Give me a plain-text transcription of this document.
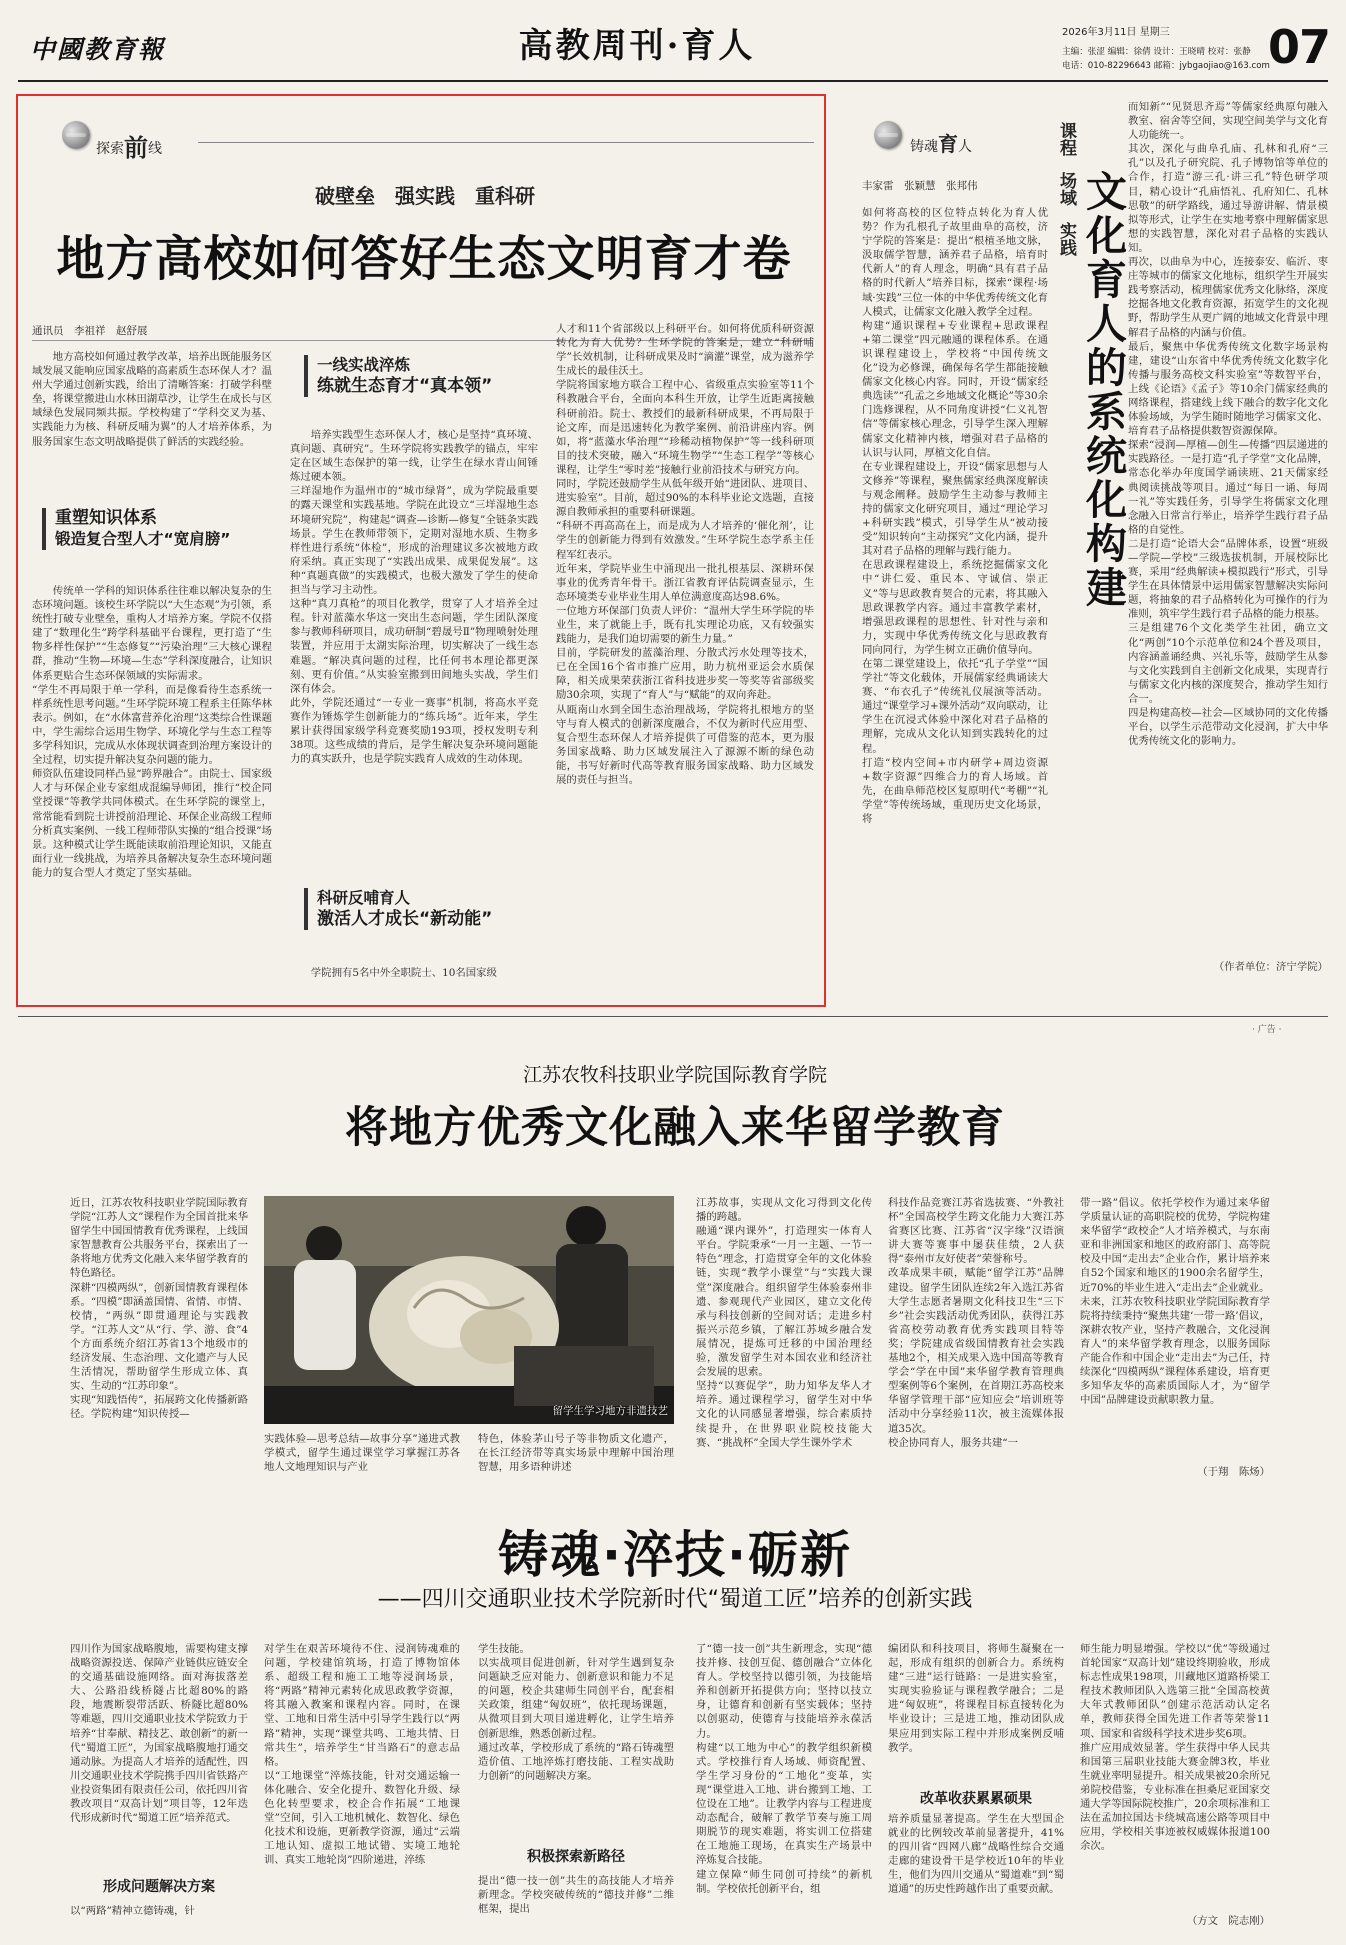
中國教育報	高教周刊·育人	2026年3月11日 星期三
主编：张涩 编辑：徐倩 设计：王晓晴 校对：张静
电话：010-82296643 邮箱：jybgaojiao@163.com
07
探索前线
破壁垒　强实践　重科研
地方高校如何答好生态文明育才卷
通讯员　李祖祥　赵舒展

地方高校如何通过教学改革，培养出既能服务区域发展又能响应国家战略的高素质生态环保人才？温州大学通过创新实践，给出了清晰答案：打破学科壁垒，将课堂搬进山水林田湖草沙，让学生在成长与区域绿色发展同频共振。学校构建了“学科交叉为基、实践能力为核、科研反哺为翼”的人才培养体系，为服务国家生态文明战略提供了鲜活的实践经验。

重塑知识体系
锻造复合型人才“宽肩膀”

传统单一学科的知识体系往往难以解决复杂的生态环境问题。该校生环学院以“大生态观”为引领，系统性打破专业壁垒，重构人才培养方案。学院不仅搭建了“数理化生”跨学科基础平台课程，更打造了“生物多样性保护”“生态修复”“污染治理”三大核心课程群，推动“生物—环境—生态”学科深度融合，让知识体系更贴合生态环保领域的实际需求。
“学生不再局限于单一学科，而是像看待生态系统一样系统性思考问题。”生环学院环境工程系主任陈华林表示。例如，在“水体富营养化治理”这类综合性课题中，学生需综合运用生物学、环境化学与生态工程等多学科知识，完成从水体现状调查到治理方案设计的全过程，切实提升解决复杂问题的能力。
师资队伍建设同样凸显“跨界融合”。由院士、国家级人才与环保企业专家组成混编导师团，推行“校企同堂授课”等教学共同体模式。在生环学院的课堂上，常常能看到院士讲授前沿理论、环保企业高级工程师分析真实案例、一线工程师带队实操的“组合授课”场景。这种模式让学生既能读取前沿理论知识，又能直面行业一线挑战，为培养具备解决复杂生态环境问题能力的复合型人才奠定了坚实基础。

一线实战淬炼
练就生态育才“真本领”

培养实践型生态环保人才，核心是坚持“真环境、真问题、真研究”。生环学院将实践教学的锚点，牢牢定在区域生态保护的第一线，让学生在绿水青山间锤炼过硬本领。
三垟湿地作为温州市的“城市绿肾”，成为学院最重要的露天课堂和实践基地。学院在此设立“三垟湿地生态环境研究院”，构建起“调查—诊断—修复”全链条实践场景。学生在教师带领下，定期对湿地水质、生物多样性进行系统“体检”，形成的治理建议多次被地方政府采纳。真正实现了“实践出成果、成果促发展”。这种“真题真做”的实践模式，也极大激发了学生的使命担当与学习主动性。
这种“真刀真枪”的项目化教学，贯穿了人才培养全过程。针对蓝藻水华这一突出生态问题，学生团队深度参与教师科研项目，成功研制“碧晟号Ⅱ”物理喷射处理装置，并应用于太湖实际治理，切实解决了一线生态难题。“解决真问题的过程，比任何书本理论都更深刻、更有价值。”从实验室搬到田间地头实战，学生们深有体会。
此外，学院还通过“一专业一赛事”机制，将高水平竞赛作为锤炼学生创新能力的“练兵场”。近年来，学生累计获得国家级学科竞赛奖励193项，授权发明专利38项。这些成绩的背后，是学生解决复杂环境问题能力的真实跃升，也是学院实践育人成效的生动体现。

科研反哺育人
激活人才成长“新动能”

学院拥有5名中外全职院士、10名国家级

人才和11个省部级以上科研平台。如何将优质科研资源转化为育人优势？生环学院的答案是，建立“科研哺学”长效机制，让科研成果及时“滴灌”课堂，成为滋养学生成长的最佳沃土。
学院将国家地方联合工程中心、省级重点实验室等11个科教融合平台，全面向本科生开放，让学生近距离接触科研前沿。院士、教授们的最新科研成果，不再局限于论文库，而是迅速转化为教学案例、前沿讲座内容。例如，将“蓝藻水华治理”“珍稀动植物保护”等一线科研项目的技术突破，融入“环境生物学”“生态工程学”等核心课程，让学生“零时差”接触行业前沿技术与研究方向。
同时，学院还鼓励学生从低年级开始“进团队、进项目、进实验室”。目前，超过90%的本科毕业论文选题，直接源自教师承担的重要科研课题。
“科研不再高高在上，而是成为人才培养的‘催化剂’，让学生的创新能力得到有效激发。”生环学院生态学系主任程军红表示。
近年来，学院毕业生中涌现出一批扎根基层、深耕环保事业的优秀青年骨干。浙江省教育评估院调查显示，生态环境类专业毕业生用人单位满意度高达98.6%。
一位地方环保部门负责人评价：“温州大学生环学院的毕业生，来了就能上手，既有扎实理论功底，又有较强实践能力，是我们迫切需要的新生力量。”
目前，学院研发的蓝藻治理、分散式污水处理等技术，已在全国16个省市推广应用，助力杭州亚运会水质保障，相关成果荣获浙江省科技进步奖一等奖等省部级奖励30余项，实现了“育人”与“赋能”的双向奔赴。
从瓯南山水到全国生态治理战场，学院将扎根地方的坚守与育人模式的创新深度融合，不仅为新时代应用型、复合型生态环保人才培养提供了可借鉴的范本，更为服务国家战略、助力区域发展注入了源源不断的绿色动能，书写好新时代高等教育服务国家战略、助力区域发展的责任与担当。
铸魂育人
丰家雷　张颖慧　张邦伟
课程
场域
实践 文化育人的系统化构建
如何将高校的区位特点转化为育人优势？作为孔根孔子故里曲阜的高校，济宁学院的答案是：提出“根植圣地文脉，汲取儒学智慧，涵养君子品格，培育时代新人”的育人理念，明确“具有君子品格的时代新人”培养目标，探索“课程·场域·实践”三位一体的中华优秀传统文化育人模式，让儒家文化融入教学全过程。
构建“通识课程+专业课程+思政课程+第二课堂”四元融通的课程体系。在通识课程建设上，学校将“中国传统文化”设为必修课，确保每名学生都能接触儒家文化核心内容。同时，开设“儒家经典选读”“孔孟之乡地域文化概论”等30余门选修课程，从不同角度讲授“仁义礼智信”等儒家核心理念，引导学生深入理解儒家文化精神内核，增强对君子品格的认识与认同，厚植文化自信。
在专业课程建设上，开设“儒家思想与人文修养”等课程，聚焦儒家经典深度解读与观念阐释。鼓励学生主动参与教师主持的儒家文化研究项目，通过“理论学习+科研实践”模式，引导学生从“被动接受”知识转向“主动探究”文化内涵，提升其对君子品格的理解与践行能力。
在思政课程建设上，系统挖掘儒家文化中“讲仁爱、重民本、守诚信、崇正义”等与思政教育契合的元素，将其融入思政课教学内容。通过丰富教学素材，增强思政课程的思想性、针对性与亲和力，实现中华优秀传统文化与思政教育同向同行，为学生树立正确价值导向。
在第二课堂建设上，依托“孔子学堂”“国学社”等文化载体，开展儒家经典诵读大赛、“布衣孔子”传统礼仪展演等活动。通过“课堂学习+课外活动”双向联动，让学生在沉浸式体验中深化对君子品格的理解，完成从文化认知到实践转化的过程。
打造“校内空间+市内研学+周边资源+数字资源”四维合力的育人场域。首先，在曲阜师范校区复原明代“考棚”“礼学堂”等传统场域，重现历史文化场景，将
而知新”“见贤思齐焉”等儒家经典原句融入教室、宿舍等空间，实现空间美学与文化育人功能统一。
其次，深化与曲阜孔庙、孔林和孔府“三孔”以及孔子研究院、孔子博物馆等单位的合作，打造“游三孔·讲三孔”特色研学项目，精心设计“孔庙悟礼、孔府知仁、孔林思敬”的研学路线，通过导游讲解、情景模拟等形式，让学生在实地考察中理解儒家思想的实践智慧，深化对君子品格的实践认知。
再次，以曲阜为中心，连接泰安、临沂、枣庄等城市的儒家文化地标，组织学生开展实践考察活动，梳理儒家优秀文化脉络，深度挖掘各地文化教育资源，拓宽学生的文化视野，帮助学生从更广阔的地域文化背景中理解君子品格的内涵与价值。
最后，聚焦中华优秀传统文化数字场景构建，建设“山东省中华优秀传统文化数字化传播与服务高校文科实验室”等数智平台，上线《论语》《孟子》等10余门儒家经典的网络课程，搭建线上线下融合的数字化文化体验场域，为学生随时随地学习儒家文化、培育君子品格提供数智资源保障。
探索“浸润—厚植—创生—传播”四层递进的实践路径。一是打造“孔子学堂”文化品牌，常态化举办年度国学诵读班、21天儒家经典阅读挑战等项目。通过“每日一诵、每周一礼”等实践任务，引导学生将儒家文化理念融入日常言行举止，培养学生践行君子品格的自觉性。
二是打造“论语大会”品牌体系，设置“班级—学院—学校”三级选拔机制，开展校际比赛，采用“经典解读+模拟践行”形式，引导学生在具体情景中运用儒家智慧解决实际问题，将抽象的君子品格转化为可操作的行为准则，筑牢学生践行君子品格的能力根基。
三是组建76个文化类学生社团，确立文化“两创”10个示范单位和24个普及项目，内容涵盖诵经典、兴礼乐等，鼓励学生从参与文化实践到自主创新文化成果，实现青行与儒家文化内核的深度契合，推动学生知行合一。
四是构建高校—社会—区域协同的文化传播平台，以学生示范带动文化浸润，扩大中华优秀传统文化的影响力。
（作者单位：济宁学院）
· 广告 ·
江苏农牧科技职业学院国际教育学院
将地方优秀文化融入来华留学教育
近日，江苏农牧科技职业学院国际教育学院“江苏人文”课程作为全国首批来华留学生中国国情教育优秀课程，上线国家智慧教育公共服务平台，探索出了一条将地方优秀文化融入来华留学教育的特色路径。
深耕“四模两纵”，创新国情教育课程体系。“四模”即涵盖国情、省情、市情、校情，“两纵”即贯通理论与实践教学。“江苏人文”从“行、学、游、食”4个方面系统介绍江苏省13个地级市的经济发展、生态治理、文化遗产与人民生活情况，帮助留学生形成立体、真实、生动的“江苏印象”。
实现“知践悟传”，拓展跨文化传播新路径。学院构建“知识传授—	留学生学习地方非遗技艺
实践体验—思考总结—故事分享”递进式教学模式，留学生通过课堂学习掌握江苏各地人文地理知识与产业
特色，体验茅山号子等非物质文化遗产，在长江经济带等真实场景中理解中国治理智慧，用多语种讲述
江苏故事，实现从文化习得到文化传播的跨越。
融通“课内课外”，打造理实一体育人平台。学院秉承“一月一主题、一节一特色”理念，打造贯穿全年的文化体验链，实现“教学小课堂”与“实践大课堂”深度融合。组织留学生体验泰州非遗、参观现代产业园区，建立文化传承与科技创新的空间对话；走进乡村振兴示范乡镇，了解江苏城乡融合发展情况，提炼可迁移的中国治理经验，激发留学生对本国农业和经济社会发展的思索。
坚持“以赛促学”，助力知华友华人才培养。通过课程学习，留学生对中华文化的认同感显著增强，综合素质持续提升，在世界职业院校技能大赛、“挑战杯”全国大学生课外学术
科技作品竞赛江苏省选拔赛、“外教社杯”全国高校学生跨文化能力大赛江苏省赛区比赛、江苏省“汉字缘”汉语演讲大赛等赛事中屡获佳绩，2人获得“泰州市友好使者”荣誉称号。
改革成果丰硕，赋能“留学江苏”品牌建设。留学生团队连续2年入选江苏省大学生志愿者暑期文化科技卫生“三下乡”社会实践活动优秀团队，获得江苏省高校劳动教育优秀实践项目特等奖；学院建成省级国情教育社会实践基地2个，相关成果入选中国高等教育学会“学在中国”来华留学教育管理典型案例等6个案例，在首期江苏高校来华留学管理干部“应知应会”培训班等活动中分享经验11次，被主流媒体报道35次。
校企协同育人，服务共建“一
带一路”倡议。依托学校作为通过来华留学质量认证的高职院校的优势，学院构建来华留学“政校企”人才培养模式，与东南亚和非洲国家和地区的政府部门、高等院校及中国“走出去”企业合作，累计培养来自52个国家和地区的1900余名留学生，近70%的毕业生进入“走出去”企业就业。
未来，江苏农牧科技职业学院国际教育学院将持续秉持“聚焦共建‘一带一路’倡议，深耕农牧产业，坚持产教融合，文化浸润育人”的来华留学教育理念，以服务国际产能合作和中国企业“走出去”为己任，持续深化“四模两纵”课程体系建设，培育更多知华友华的高素质国际人才，为“留学中国”品牌建设贡献职教力量。
（于翔　陈炀）
铸魂·淬技·砺新
——四川交通职业技术学院新时代“蜀道工匠”培养的创新实践
四川作为国家战略腹地，需要构建支撑战略资源投送、保障产业链供应链安全的交通基础设施网络。面对海拔落差大、公路沿线桥隧占比超80%的路段，地震断裂带活跃、桥隧比超80%等难题，四川交通职业技术学院致力于培养“甘奉献、精技艺、敢创新”的新一代“蜀道工匠”，为国家战略腹地打通交通动脉。为提高人才培养的适配性，四川交通职业技术学院携手四川省铁路产业投资集团有限责任公司，依托四川省教改项目“双高计划”项目等，12年迭代形成新时代“蜀道工匠”培养范式。
形成问题解决方案
以“两路”精神立德铸魂，针
对学生在艰苦环境待不住、浸润铸魂难的问题，学校建馆筑场，打造了博物馆体系、超级工程和施工工地等浸润场景，将“两路”精神元素转化成思政教学资源，将其融入教案和课程内容。同时，在课堂、工地和日常生活中引导学生践行以“两路”精神，实现“课堂共鸣、工地共情、日常共生”，培养学生“甘当路石”的意志品格。
以“工地课堂”淬炼技能，针对交通运输一体化融合、安全化提升、数智化升级、绿色化转型要求，校企合作拓展“工地课堂”空间，引入工地机械化、数智化、绿色化技术和设施，更新教学资源，通过“云端工地认知、虚拟工地试错、实境工地轮训、真实工地轮岗”四阶递进，淬练
学生技能。
以实战项目促进创新，针对学生遇到复杂问题缺乏应对能力、创新意识和能力不足的问题，校企共建师生同创平台，配套相关政策，组建“匈奴班”，依托现场课题，从微项目到大项目递进孵化，让学生培养创新思维，熟悉创新过程。
通过改革，学校形成了系统的“路石铸魂塑造价值、工地淬炼打磨技能、工程实战助力创新”的问题解决方案。
积极探索新路径
提出“德一技一创”共生的高技能人才培养新理念。学校突破传统的“德技并修”二维框架，提出
了“德一技一创”共生新理念，实现“德技并修、技创互促、德创融合”立体化育人。学校坚持以德引领，为技能培养和创新开拓提供方向；坚持以技立身，让德育和创新有坚实载体；坚持以创驱动，使德育与技能培养永葆活力。
构建“以工地为中心”的教学组织新模式。学校推行育人场域、师资配置、学生学习身份的“工地化”变革，实现“课堂进入工地、讲台搬到工地、工位设在工地”。让教学内容与工程进度动态配合，破解了教学节奏与施工周期脱节的现实难题，将实训工位搭建在工地施工现场，在真实生产场景中淬炼复合技能。
建立保障“师生同创可持续”的新机制。学校依托创新平台，组
编团队和科技项目，将师生凝聚在一起，形成有组织的创新合力。系统构建“三进”运行链路：一是进实验室，实现实验验证与课程教学融合；二是进“匈奴班”，将课程目标直接转化为毕业设计；三是进工地，推动团队成果应用到实际工程中并形成案例反哺教学。
改革收获累累硕果
培养质量显著提高。学生在大型国企就业的比例较改革前显著提升，41%的四川省“四网八廊”战略性综合交通走廊的建设骨干是学校近10年的毕业生，他们为四川交通从“蜀道难”到“蜀道通”的历史性跨越作出了重要贡献。
师生能力明显增强。学校以“优”等级通过首轮国家“双高计划”建设终期验收，形成标志性成果198项，川藏地区道路桥梁工程技术教师团队入选第三批“全国高校黄大年式教师团队”创建示范活动认定名单，教师获得全国先进工作者等荣誉11项、国家和省级科学技术进步奖6项。
推广应用成效显著。学生获得中华人民共和国第三届职业技能大赛金牌3枚，毕业生就业率明显提升。相关成果被20余所兄弟院校借鉴，专业标准在担桑尼亚国家交通大学等国际院校推广，20余项标准和工法在孟加拉国达卡绕城高速公路等项目中应用，学校相关事迹被权威媒体报道100余次。
（方文　院志刚）
